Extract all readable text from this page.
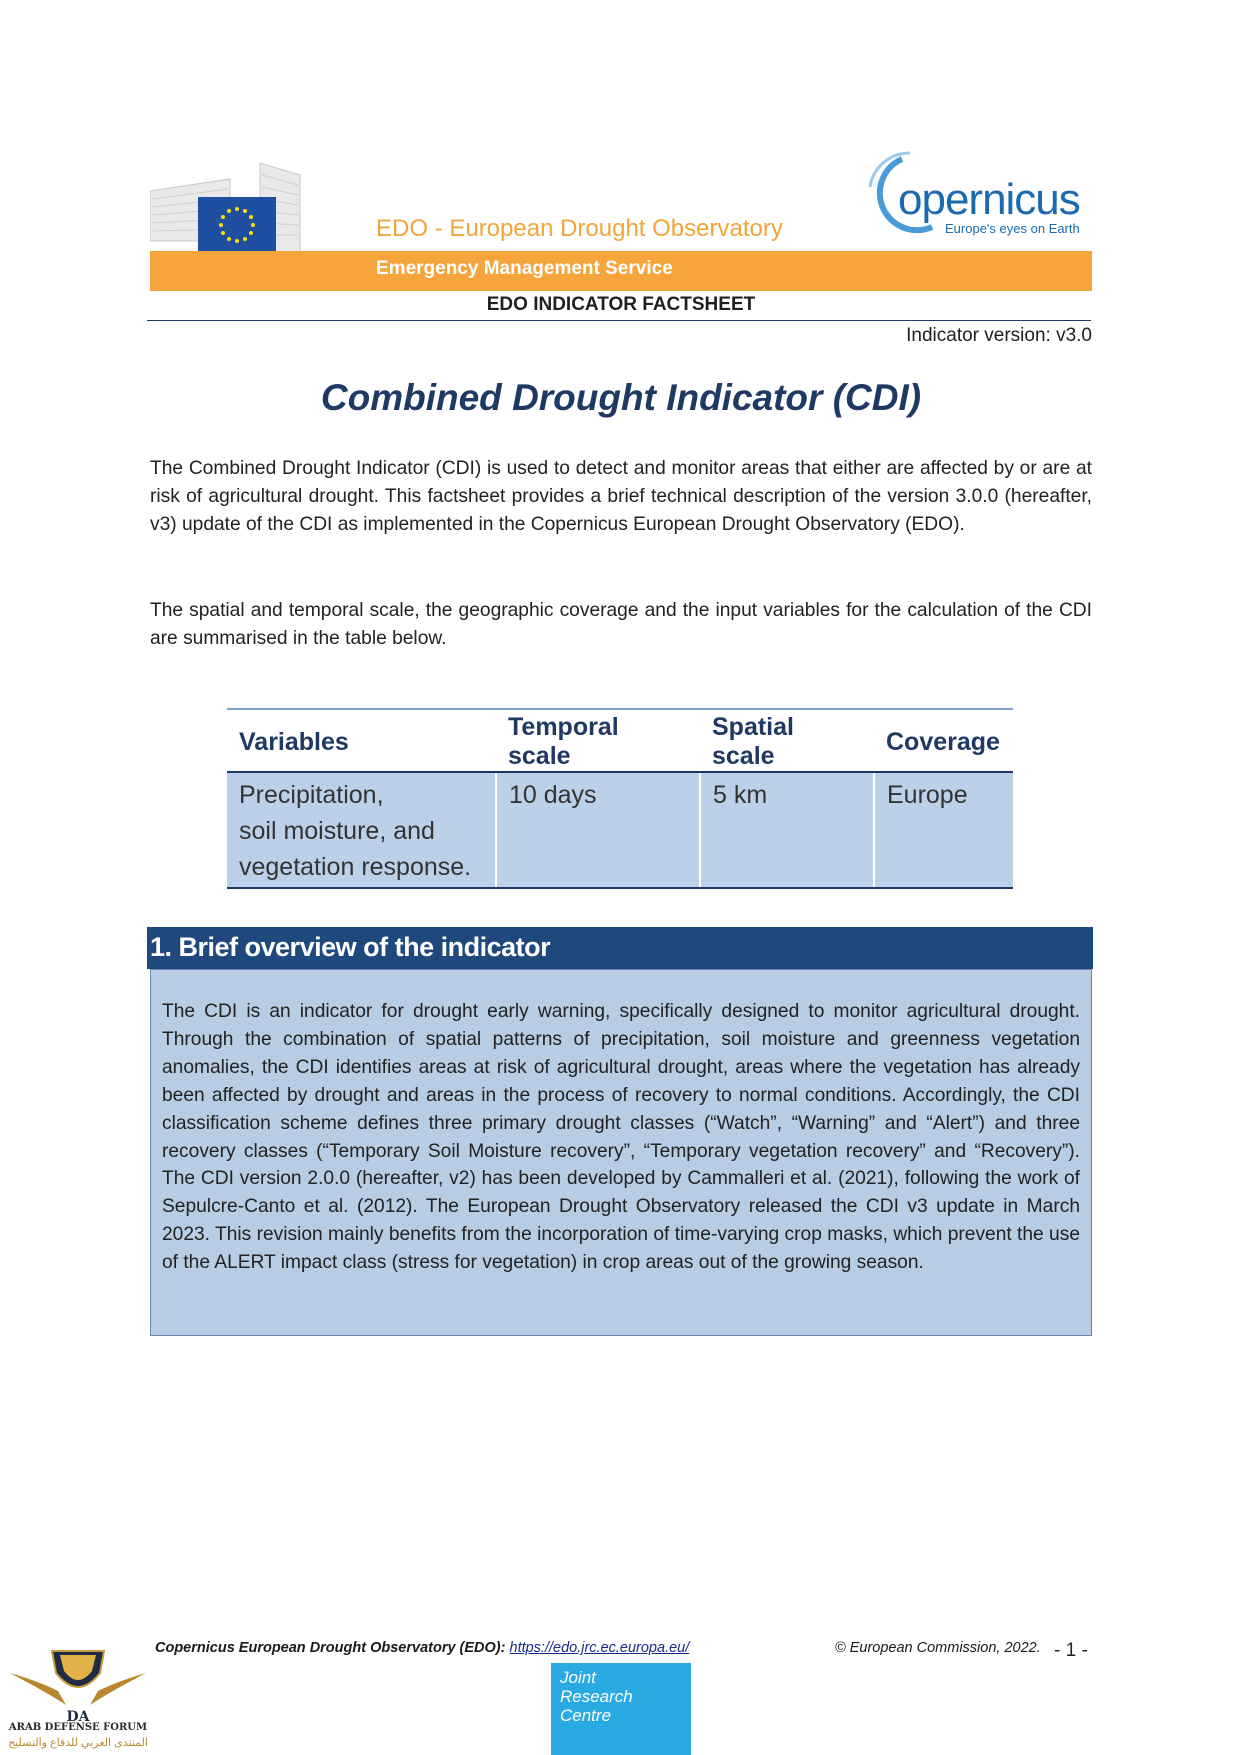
EDO - European Drought Observatory
Emergency Management Service
opernicus
Europe's eyes on Earth
EDO INDICATOR FACTSHEET
Indicator version: v3.0
Combined Drought Indicator (CDI)
The Combined Drought Indicator (CDI) is used to detect and monitor areas that either are affected by or are at risk of agricultural drought. This factsheet provides a brief technical description of the version 3.0.0 (hereafter, v3) update of the CDI as implemented in the Copernicus European Drought Observatory (EDO).
The spatial and temporal scale, the geographic coverage and the input variables for the calculation of the CDI are summarised in the table below.
Variables	Temporal scale	Spatial scale	Coverage

Precipitation,
soil moisture, and
vegetation response.	10 days	5 km	Europe
1. Brief overview of the indicator
The CDI is an indicator for drought early warning, specifically designed to monitor agricultural drought. Through the combination of spatial patterns of precipitation, soil moisture and greenness vegetation anomalies, the CDI identifies areas at risk of agricultural drought, areas where the vegetation has already been affected by drought and areas in the process of recovery to normal conditions. Accordingly, the CDI classification scheme defines three primary drought classes (“Watch”, “Warning” and “Alert”) and three recovery classes (“Temporary Soil Moisture recovery”, “Temporary vegetation recovery” and “Recovery”). The CDI version 2.0.0 (hereafter, v2) has been developed by Cammalleri et al. (2021), following the work of Sepulcre-Canto et al. (2012). The European Drought Observatory released the CDI v3 update in March 2023. This revision mainly benefits from the incorporation of time-varying crop masks, which prevent the use of the ALERT impact class (stress for vegetation) in crop areas out of the growing season.
Copernicus European Drought Observatory (EDO): https://edo.jrc.ec.europa.eu/	© European Commission, 2022. - 1 -
Joint
Research
Centre
DA
ARAB DEFENSE FORUM
المنتدى العربي للدفاع والتسليح
